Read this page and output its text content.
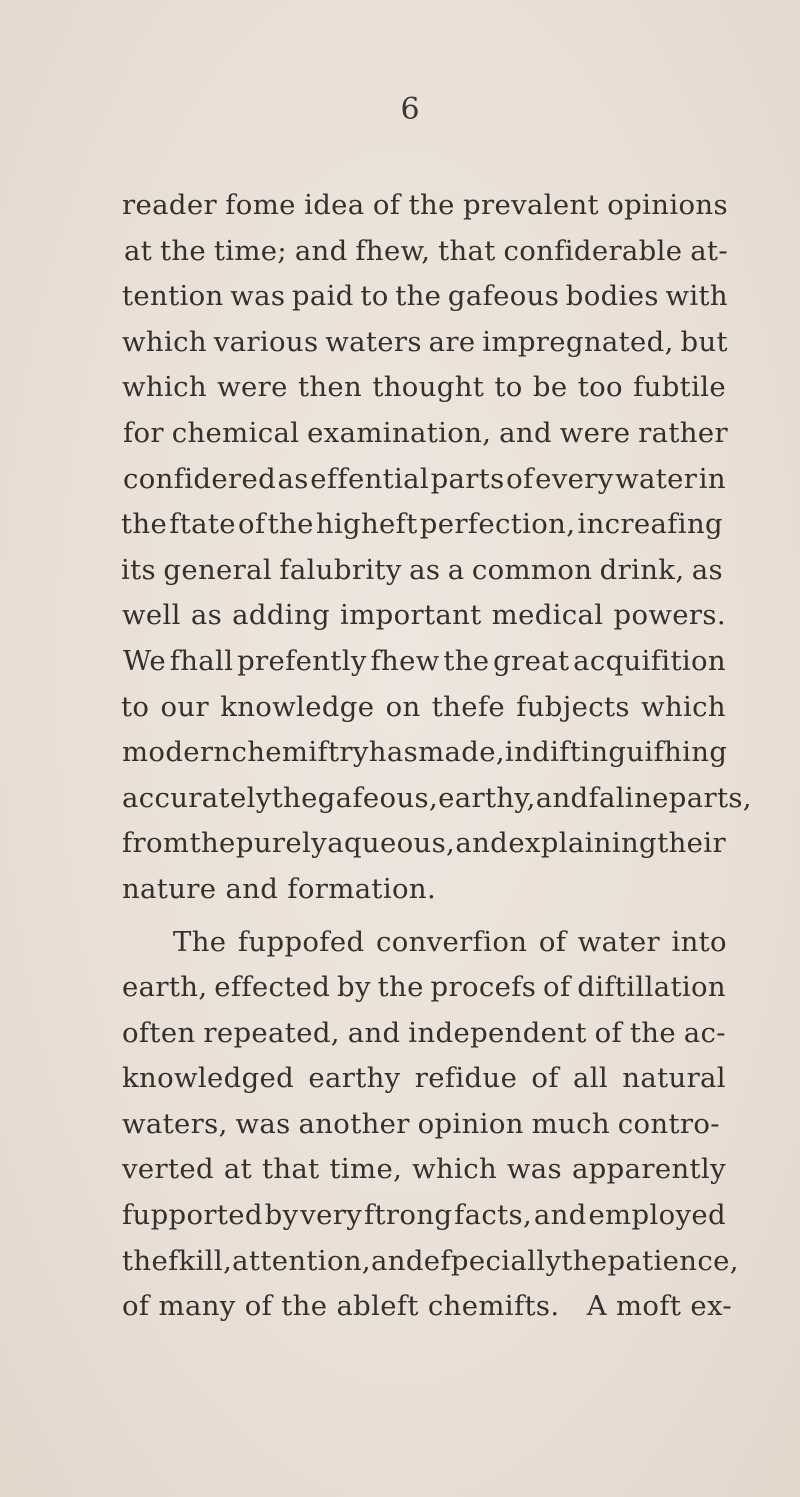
6
reader fome idea of the prevalent opinions
at the time; and fhew, that confiderable at-
tention was paid to the gafeous bodies with
which various waters are impregnated, but
which were then thought to be too fubtile
for chemical examination, and were rather
confidered as effential parts of every water in
the ftate of the higheft perfection, increafing
its general falubrity as a common drink, as
well as adding important medical powers.
We fhall prefently fhew the great acquifition
to our knowledge on thefe fubjects which
modern chemiftry has made, in diftinguifhing
accurately the gafeous, earthy, and faline parts,
from the purely aqueous, and explaining their
nature and formation.
The fuppofed converfion of water into
earth, effected by the procefs of diftillation
often repeated, and independent of the ac-
knowledged earthy refidue of all natural
waters, was another opinion much contro-
verted at that time, which was apparently
fupported by very ftrong facts, and employed
the fkill, attention, and efpecially the patience,
of many of the ableft chemifts.   A moft ex-
